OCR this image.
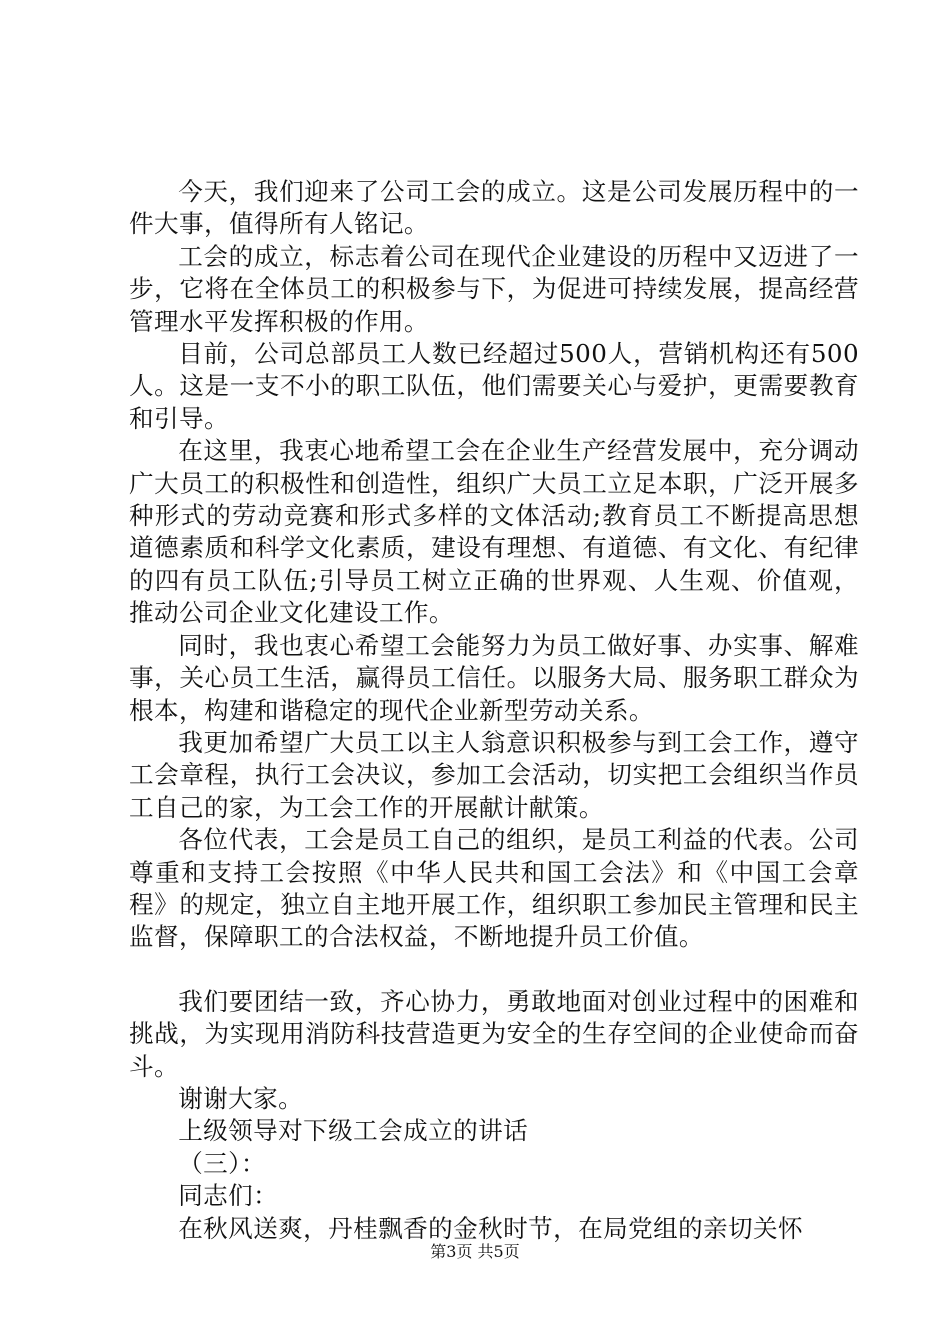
今天，我们迎来了公司工会的成立。这是公司发展历程中的一件大事，值得所有人铭记。

工会的成立，标志着公司在现代企业建设的历程中又迈进了一步，它将在全体员工的积极参与下，为促进可持续发展，提高经营管理水平发挥积极的作用。

目前，公司总部员工人数已经超过500人，营销机构还有500人。这是一支不小的职工队伍，他们需要关心与爱护，更需要教育和引导。

在这里，我衷心地希望工会在企业生产经营发展中，充分调动广大员工的积极性和创造性，组织广大员工立足本职，广泛开展多种形式的劳动竞赛和形式多样的文体活动;教育员工不断提高思想道德素质和科学文化素质，建设有理想、有道德、有文化、有纪律的四有员工队伍;引导员工树立正确的世界观、人生观、价值观，推动公司企业文化建设工作。

同时，我也衷心希望工会能努力为员工做好事、办实事、解难事，关心员工生活，赢得员工信任。以服务大局、服务职工群众为根本，构建和谐稳定的现代企业新型劳动关系。

我更加希望广大员工以主人翁意识积极参与到工会工作，遵守工会章程，执行工会决议，参加工会活动，切实把工会组织当作员工自己的家，为工会工作的开展献计献策。

各位代表，工会是员工自己的组织，是员工利益的代表。公司尊重和支持工会按照《中华人民共和国工会法》和《中国工会章程》的规定，独立自主地开展工作，组织职工参加民主管理和民主监督，保障职工的合法权益，不断地提升员工价值。

我们要团结一致，齐心协力，勇敢地面对创业过程中的困难和挑战，为实现用消防科技营造更为安全的生存空间的企业使命而奋斗。

谢谢大家。

上级领导对下级工会成立的讲话

（三）：

同志们：

在秋风送爽，丹桂飘香的金秋时节，在局党组的亲切关怀

第3页 共5页
